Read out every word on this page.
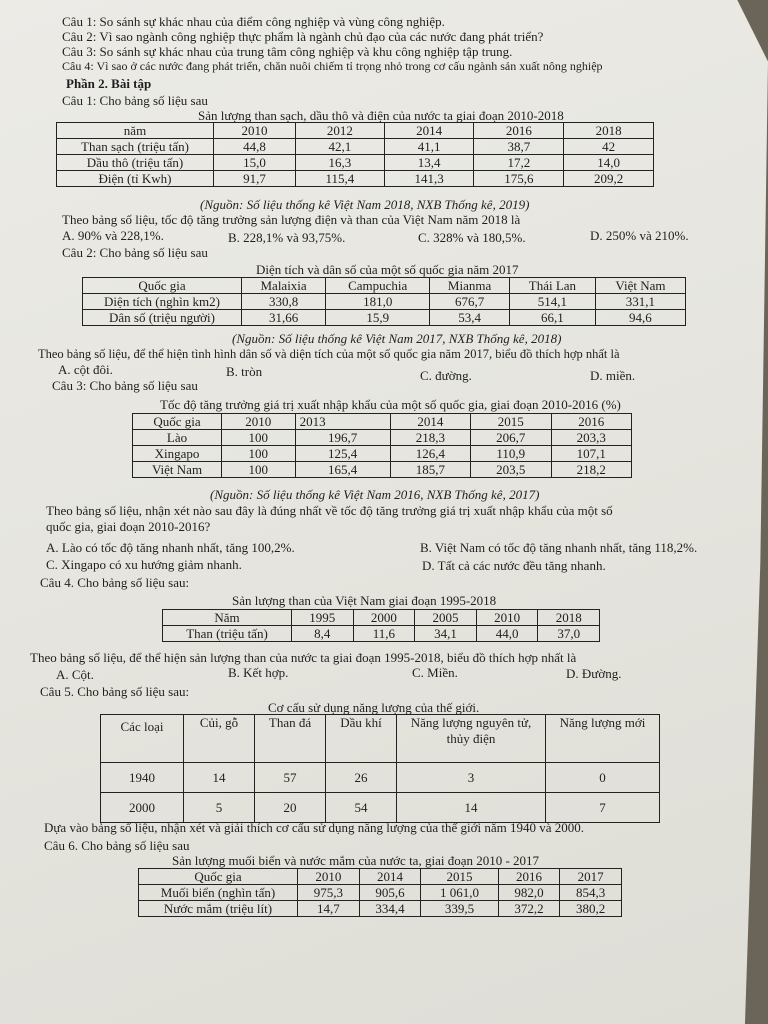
Câu 1: So sánh sự khác nhau của điểm công nghiệp và vùng công nghiệp.
Câu 2: Vì sao ngành công nghiệp thực phẩm là ngành chủ đạo của các nước đang phát triển?
Câu 3: So sánh sự khác nhau của trung tâm công nghiệp và khu công nghiệp tập trung.
Câu 4: Vì sao ở các nước đang phát triển, chăn nuôi chiếm tỉ trọng nhỏ trong cơ cấu ngành sản xuất nông nghiệp
Phần 2. Bài tập
Câu 1: Cho bảng số liệu sau
Sản lượng than sạch, dầu thô và điện của nước ta giai đoạn 2010-2018
năm	2010	2012	2014	2016	2018
Than sạch (triệu tấn)	44,8	42,1	41,1	38,7	42
Dầu thô (triệu tấn)	15,0	16,3	13,4	17,2	14,0
Điện (tỉ Kwh)	91,7	115,4	141,3	175,6	209,2
(Nguồn: Số liệu thống kê Việt Nam 2018, NXB Thống kê, 2019)
Theo bảng số liệu, tốc độ tăng trưởng sản lượng điện và than của Việt Nam năm 2018 là
A. 90% và 228,1%.	B. 228,1% và 93,75%.	C. 328% và 180,5%.	D. 250% và 210%.
Câu 2: Cho bảng số liệu sau
Diện tích và dân số của một số quốc gia năm 2017
Quốc gia	Malaixia	Campuchia	Mianma	Thái Lan	Việt Nam
Diện tích (nghìn km2)	330,8	181,0	676,7	514,1	331,1
Dân số (triệu người)	31,66	15,9	53,4	66,1	94,6
(Nguồn: Số liệu thống kê Việt Nam 2017, NXB Thống kê, 2018)
Theo bảng số liệu, để thể hiện tình hình dân số và diện tích của một số quốc gia năm 2017, biểu đồ thích hợp nhất là
A. cột đôi.	B. tròn	C. đường.	D. miền.
Câu 3: Cho bảng số liệu sau
Tốc độ tăng trưởng giá trị xuất nhập khẩu của một số quốc gia, giai đoạn 2010-2016 (%)
Quốc gia	2010	2013	2014	2015	2016
Lào	100	196,7	218,3	206,7	203,3
Xingapo	100	125,4	126,4	110,9	107,1
Việt Nam	100	165,4	185,7	203,5	218,2
(Nguồn: Số liệu thống kê Việt Nam 2016, NXB Thống kê, 2017)
Theo bảng số liệu, nhận xét nào sau đây là đúng nhất về tốc độ tăng trưởng giá trị xuất nhập khẩu của một số
quốc gia, giai đoạn 2010-2016?
A. Lào có tốc độ tăng nhanh nhất, tăng 100,2%.	B. Việt Nam có tốc độ tăng nhanh nhất, tăng 118,2%.
C. Xingapo có xu hướng giảm nhanh.	D. Tất cả các nước đều tăng nhanh.
Câu 4. Cho bảng số liệu sau:
Sản lượng than của Việt Nam giai đoạn 1995-2018
Năm	1995	2000	2005	2010	2018
Than (triệu tấn)	8,4	11,6	34,1	44,0	37,0
Theo bảng số liệu, để thể hiện sản lượng than của nước ta giai đoạn 1995-2018, biểu đồ thích hợp nhất là
A. Cột.	B. Kết hợp.	C. Miền.	D. Đường.
Câu 5. Cho bảng số liệu sau:
Cơ cấu sử dụng năng lượng của thế giới.
Các loại	Củi, gỗ	Than đá	Dầu khí	Năng lượng nguyên tử, thủy điện	Năng lượng mới
1940	14	57	26	3	0
2000	5	20	54	14	7
Dựa vào bảng số liệu, nhận xét và giải thích cơ cấu sử dụng năng lượng của thế giới năm 1940 và 2000.
Câu 6. Cho bảng số liệu sau
Sản lượng muối biển và nước mắm của nước ta, giai đoạn 2010 - 2017
Quốc gia	2010	2014	2015	2016	2017
Muối biển (nghìn tấn)	975,3	905,6	1 061,0	982,0	854,3
Nước mắm (triệu lít)	14,7	334,4	339,5	372,2	380,2
